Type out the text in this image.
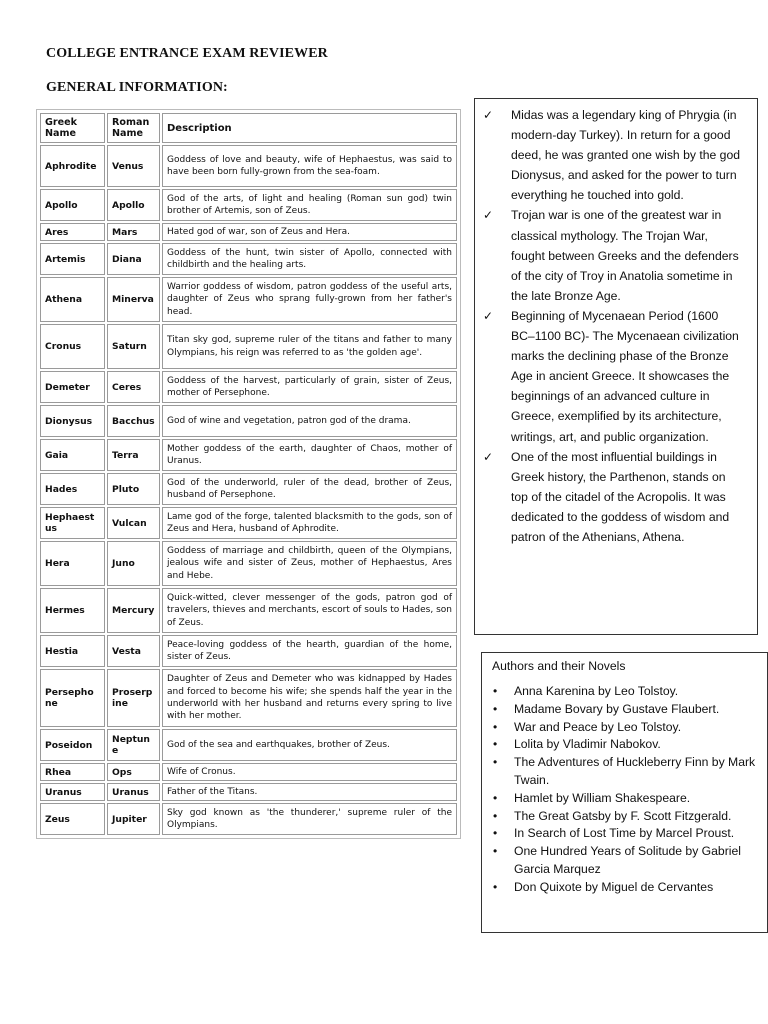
COLLEGE ENTRANCE EXAM REVIEWER
GENERAL INFORMATION:
Greek Name	Roman Name	Description
Aphrodite	Venus	Goddess of love and beauty, wife of Hephaestus, was said to have been born fully-grown from the sea-foam.
Apollo	Apollo	God of the arts, of light and healing (Roman sun god) twin brother of Artemis, son of Zeus.
Ares	Mars	Hated god of war, son of Zeus and Hera.
Artemis	Diana	Goddess of the hunt, twin sister of Apollo, connected with childbirth and the healing arts.
Athena	Minerva	Warrior goddess of wisdom, patron goddess of the useful arts, daughter of Zeus who sprang fully-grown from her father's head.
Cronus	Saturn	Titan sky god, supreme ruler of the titans and father to many Olympians, his reign was referred to as 'the golden age'.
Demeter	Ceres	Goddess of the harvest, particularly of grain, sister of Zeus, mother of Persephone.
Dionysus	Bacchus	God of wine and vegetation, patron god of the drama.
Gaia	Terra	Mother goddess of the earth, daughter of Chaos, mother of Uranus.
Hades	Pluto	God of the underworld, ruler of the dead, brother of Zeus, husband of Persephone.
Hephaestus	Vulcan	Lame god of the forge, talented blacksmith to the gods, son of Zeus and Hera, husband of Aphrodite.
Hera	Juno	Goddess of marriage and childbirth, queen of the Olympians, jealous wife and sister of Zeus, mother of Hephaestus, Ares and Hebe.
Hermes	Mercury	Quick-witted, clever messenger of the gods, patron god of travelers, thieves and merchants, escort of souls to Hades, son of Zeus.
Hestia	Vesta	Peace-loving goddess of the hearth, guardian of the home, sister of Zeus.
Persephone	Proserpine	Daughter of Zeus and Demeter who was kidnapped by Hades and forced to become his wife; she spends half the year in the underworld with her husband and returns every spring to live with her mother.
Poseidon	Neptune	God of the sea and earthquakes, brother of Zeus.
Rhea	Ops	Wife of Cronus.
Uranus	Uranus	Father of the Titans.
Zeus	Jupiter	Sky god known as 'the thunderer,' supreme ruler of the Olympians.
✓ Midas was a legendary king of Phrygia (in modern-day Turkey). In return for a good deed, he was granted one wish by the god Dionysus, and asked for the power to turn everything he touched into gold.
✓ Trojan war is one of the greatest war in classical mythology. The Trojan War, fought between Greeks and the defenders of the city of Troy in Anatolia sometime in the late Bronze Age.
✓ Beginning of Mycenaean Period (1600 BC–1100 BC)- The Mycenaean civilization marks the declining phase of the Bronze Age in ancient Greece. It showcases the beginnings of an advanced culture in Greece, exemplified by its architecture, writings, art, and public organization.
✓ One of the most influential buildings in Greek history, the Parthenon, stands on top of the citadel of the Acropolis. It was dedicated to the goddess of wisdom and patron of the Athenians, Athena.
Authors and their Novels
• Anna Karenina by Leo Tolstoy.
• Madame Bovary by Gustave Flaubert.
• War and Peace by Leo Tolstoy.
• Lolita by Vladimir Nabokov.
• The Adventures of Huckleberry Finn by Mark Twain.
• Hamlet by William Shakespeare.
• The Great Gatsby by F. Scott Fitzgerald.
• In Search of Lost Time by Marcel Proust.
• One Hundred Years of Solitude by Gabriel Garcia Marquez
• Don Quixote by Miguel de Cervantes
